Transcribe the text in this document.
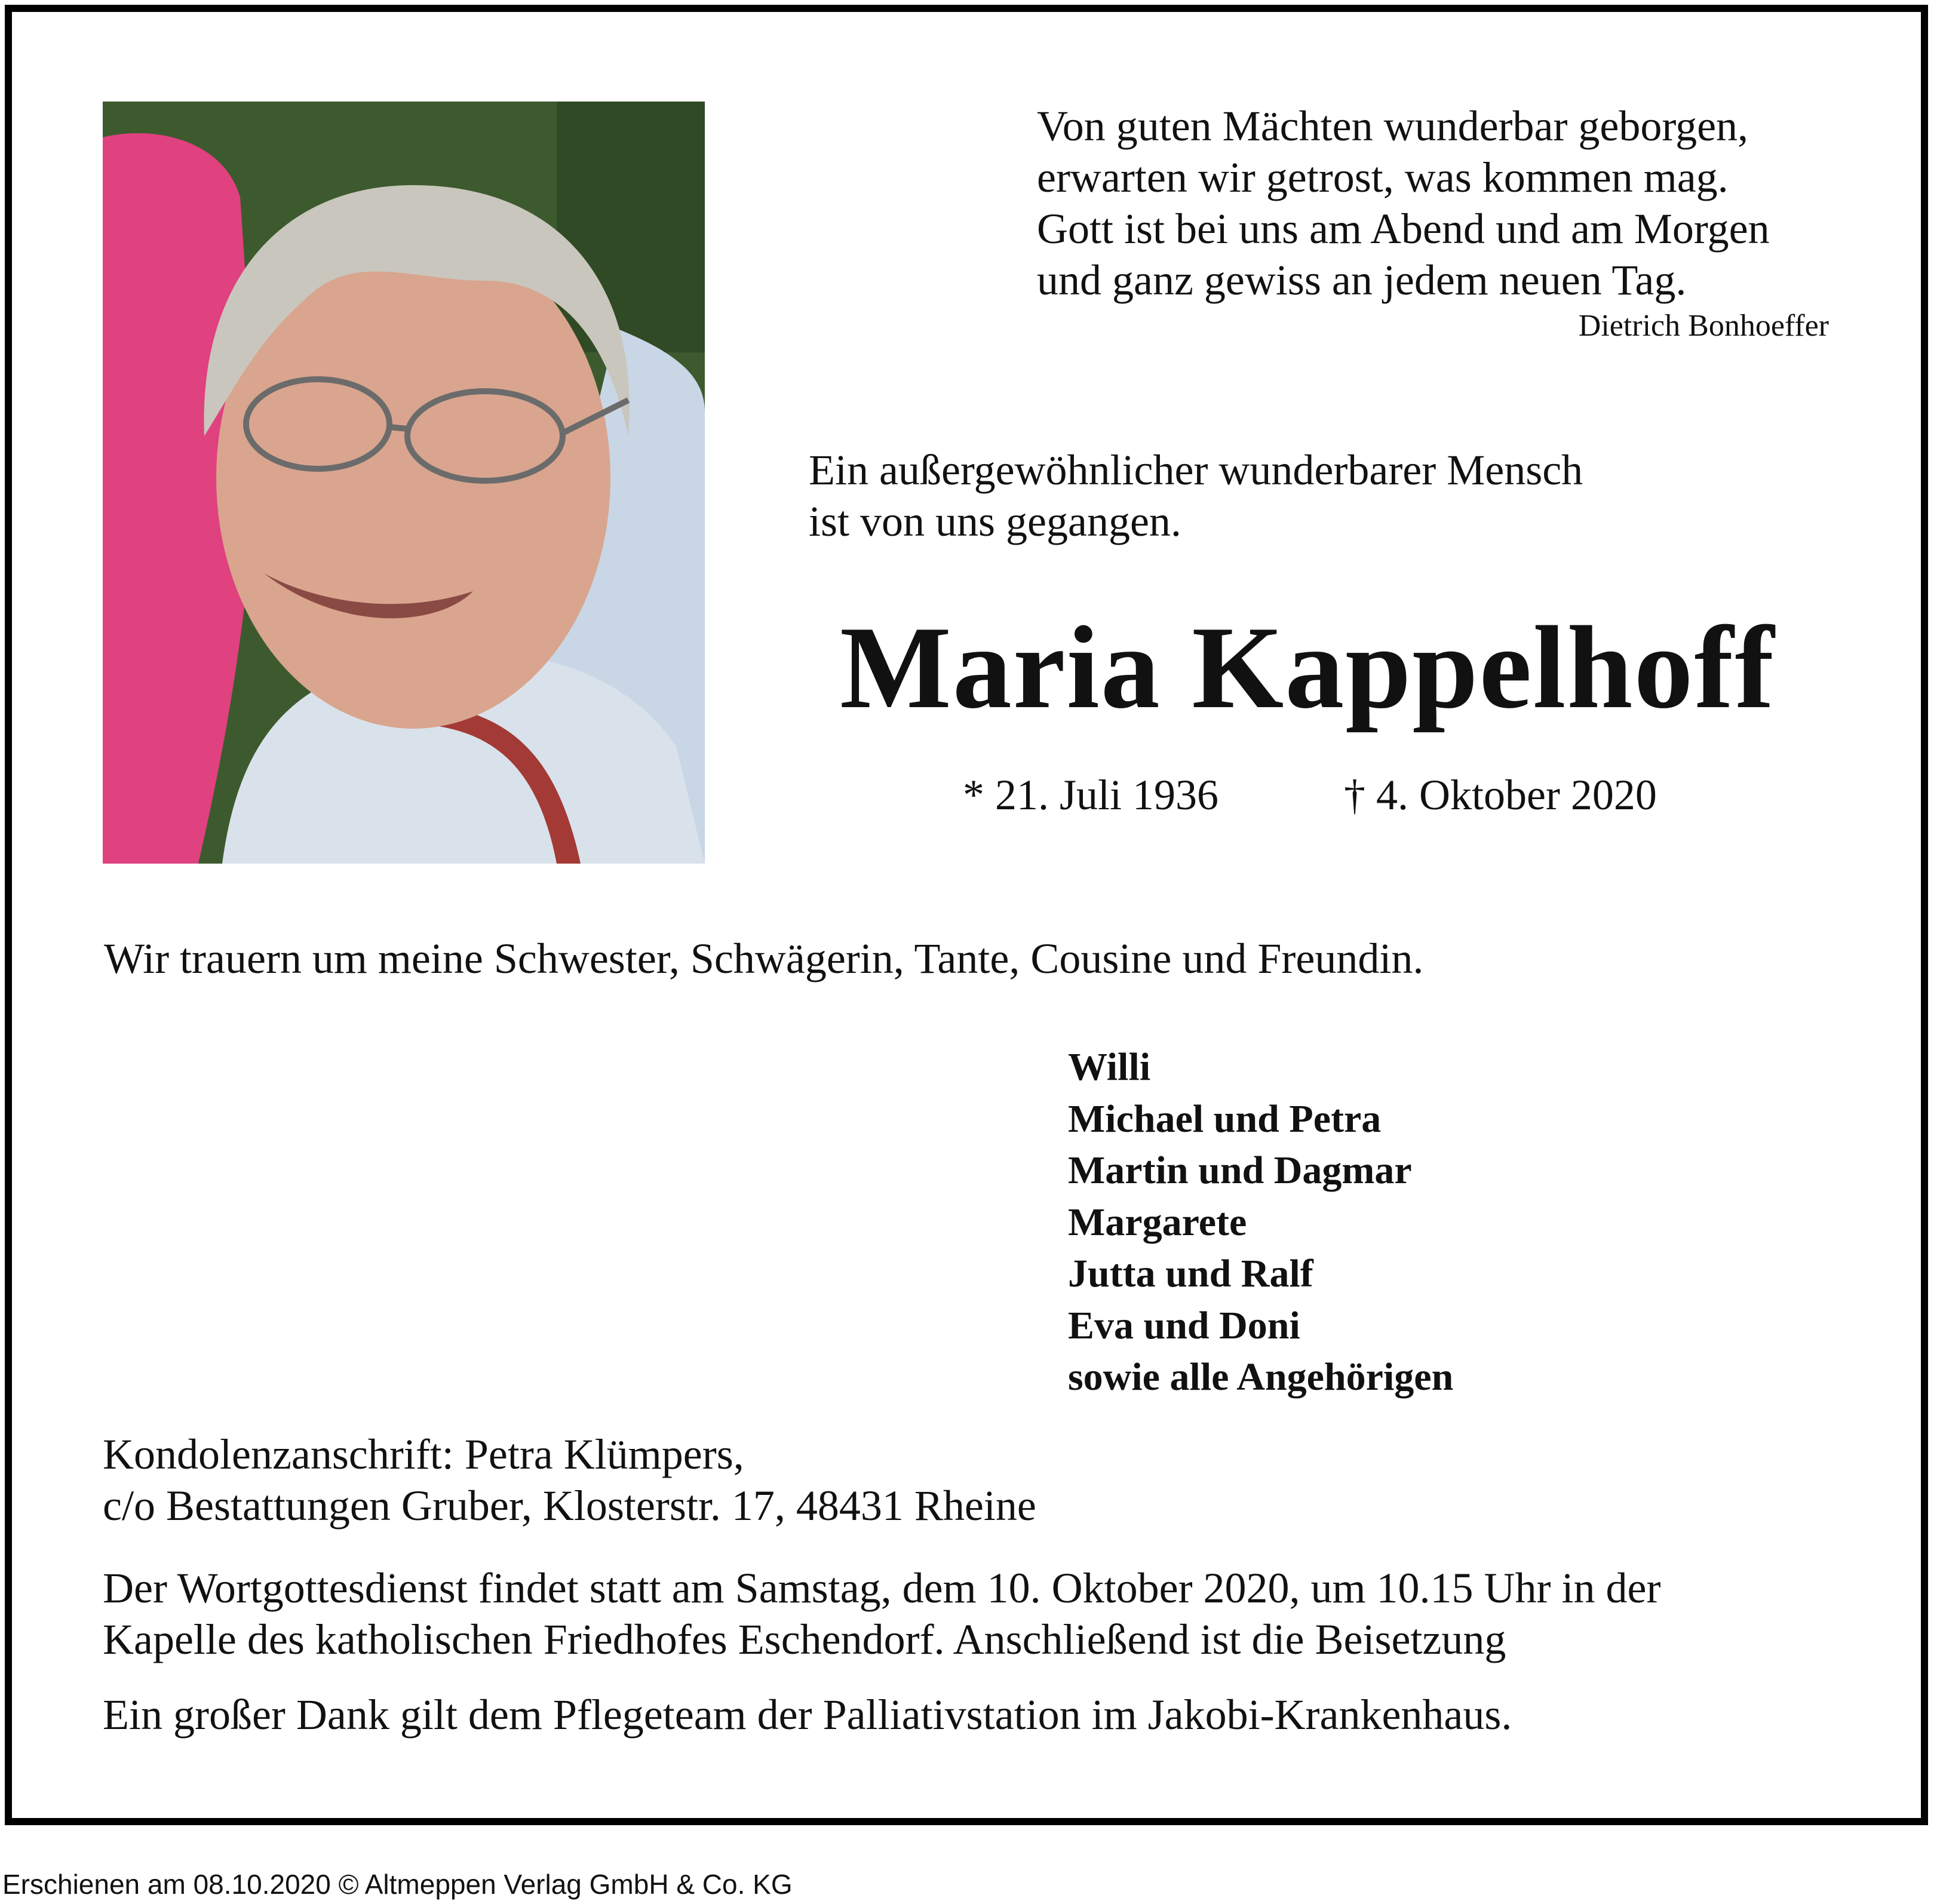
Von guten Mächten wunderbar geborgen,
erwarten wir getrost, was kommen mag.
Gott ist bei uns am Abend und am Morgen
und ganz gewiss an jedem neuen Tag.
Dietrich Bonhoeffer
Ein außergewöhnlicher wunderbarer Mensch
ist von uns gegangen.
Maria Kappelhoff
* 21. Juli 1936	† 4. Oktober 2020
Wir trauern um meine Schwester, Schwägerin, Tante, Cousine und Freundin.
Willi
Michael und Petra
Martin und Dagmar
Margarete
Jutta und Ralf
Eva und Doni
sowie alle Angehörigen
Kondolenzanschrift: Petra Klümpers,
c/o Bestattungen Gruber, Klosterstr. 17, 48431 Rheine
Der Wortgottesdienst findet statt am Samstag, dem 10. Oktober 2020, um 10.15 Uhr in der
Kapelle des katholischen Friedhofes Eschendorf. Anschließend ist die Beisetzung
Ein großer Dank gilt dem Pflegeteam der Palliativstation im Jakobi-Krankenhaus.
Erschienen am 08.10.2020 © Altmeppen Verlag GmbH & Co. KG
